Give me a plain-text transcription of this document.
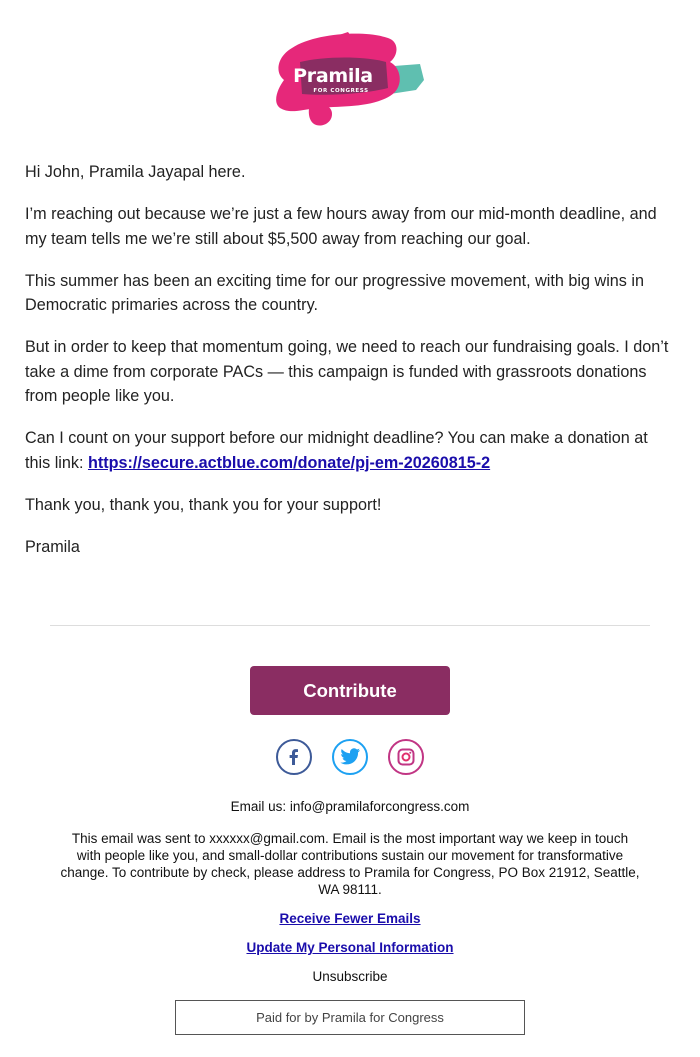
Pramila
FOR CONGRESS

Hi John, Pramila Jayapal here.

I’m reaching out because we’re just a few hours away from our mid-month deadline, and my team tells me we’re still about $5,500 away from reaching our goal.

This summer has been an exciting time for our progressive movement, with big wins in Democratic primaries across the country.

But in order to keep that momentum going, we need to reach our fundraising goals. I don’t take a dime from corporate PACs — this campaign is funded with grassroots donations from people like you.

Can I count on your support before our midnight deadline? You can make a donation at this link: https://secure.actblue.com/donate/pj-em-20260815-2

Thank you, thank you, thank you for your support!

Pramila

Contribute
Email us: info@pramilaforcongress.com
This email was sent to xxxxxx@gmail.com. Email is the most important way we keep in touch with people like you, and small-dollar contributions sustain our movement for transformative change. To contribute by check, please address to Pramila for Congress, PO Box 21912, Seattle, WA 98111.
Receive Fewer Emails
Update My Personal Information
Unsubscribe
Paid for by Pramila for Congress
